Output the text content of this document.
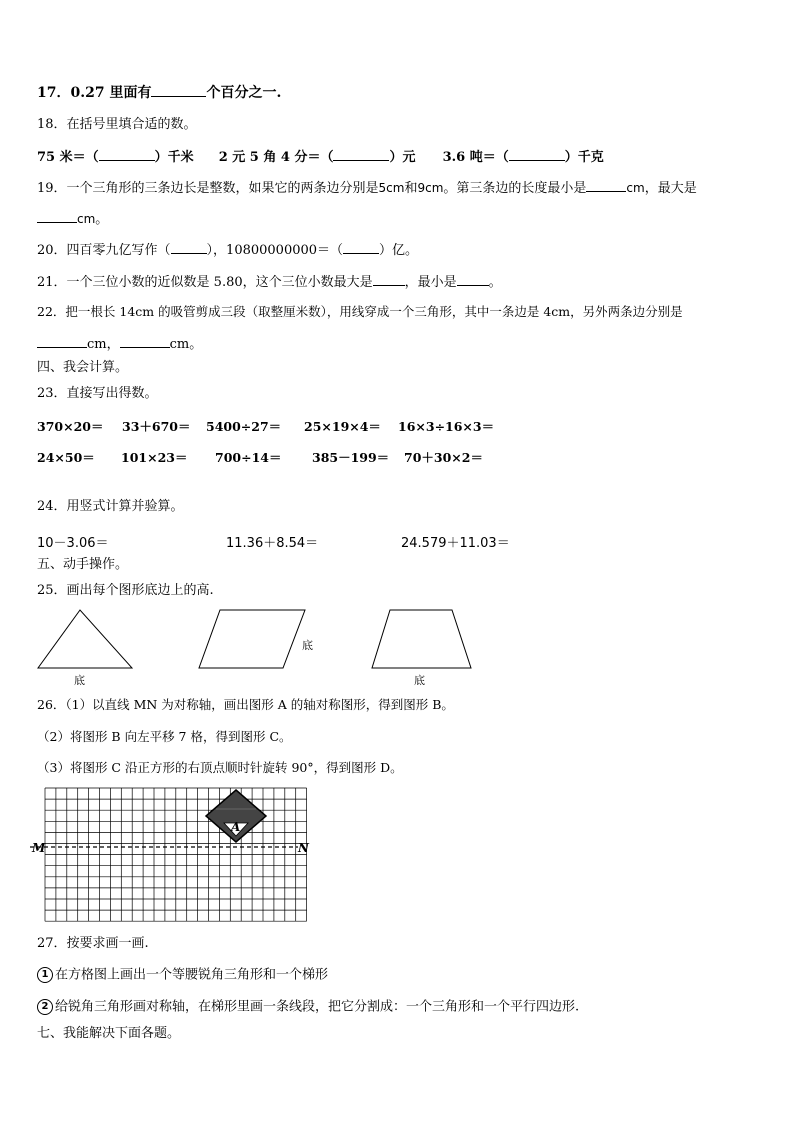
17．0.27 里面有	个百分之一.
18．在括号里填合适的数。
75 米＝（	）千米 2 元 5 角 4 分＝（	）元 3.6 吨＝（	）千克
19．一个三角形的三条边长是整数，如果它的两条边分别是5cm和9cm。第三条边的长度最小是	cm，最大是
cm。
20．四百零九亿写作（	），10800000000＝（	）亿。
21．一个三位小数的近似数是 5.80，这个三位小数最大是 ，最小是 。
22．把一根长 14cm 的吸管剪成三段（取整厘米数），用线穿成一个三角形，其中一条边是 4cm，另外两条边分别是
cm，	cm。
四、我会计算。
23．直接写出得数。
370×20＝ 33＋670＝ 5400÷27＝ 25×19×4＝ 16×3÷16×3＝
24×50＝ 101×23＝ 700÷14＝ 385－199＝ 70＋30×2＝
24．用竖式计算并验算。
10－3.06＝	11.36＋8.54＝	24.579＋11.03＝
五、动手操作。
25．画出每个图形底边上的高.
底
底
底
26．（1）以直线 MN 为对称轴，画出图形 A 的轴对称图形，得到图形 B。
（2）将图形 B 向左平移 7 格，得到图形 C。
（3）将图形 C 沿正方形的右顶点顺时针旋转 90°，得到图形 D。
A
M	N
27．按要求画一画.
1 在方格图上画出一个等腰锐角三角形和一个梯形
2 给锐角三角形画对称轴，在梯形里画一条线段，把它分割成：一个三角形和一个平行四边形.
七、我能解决下面各题。
